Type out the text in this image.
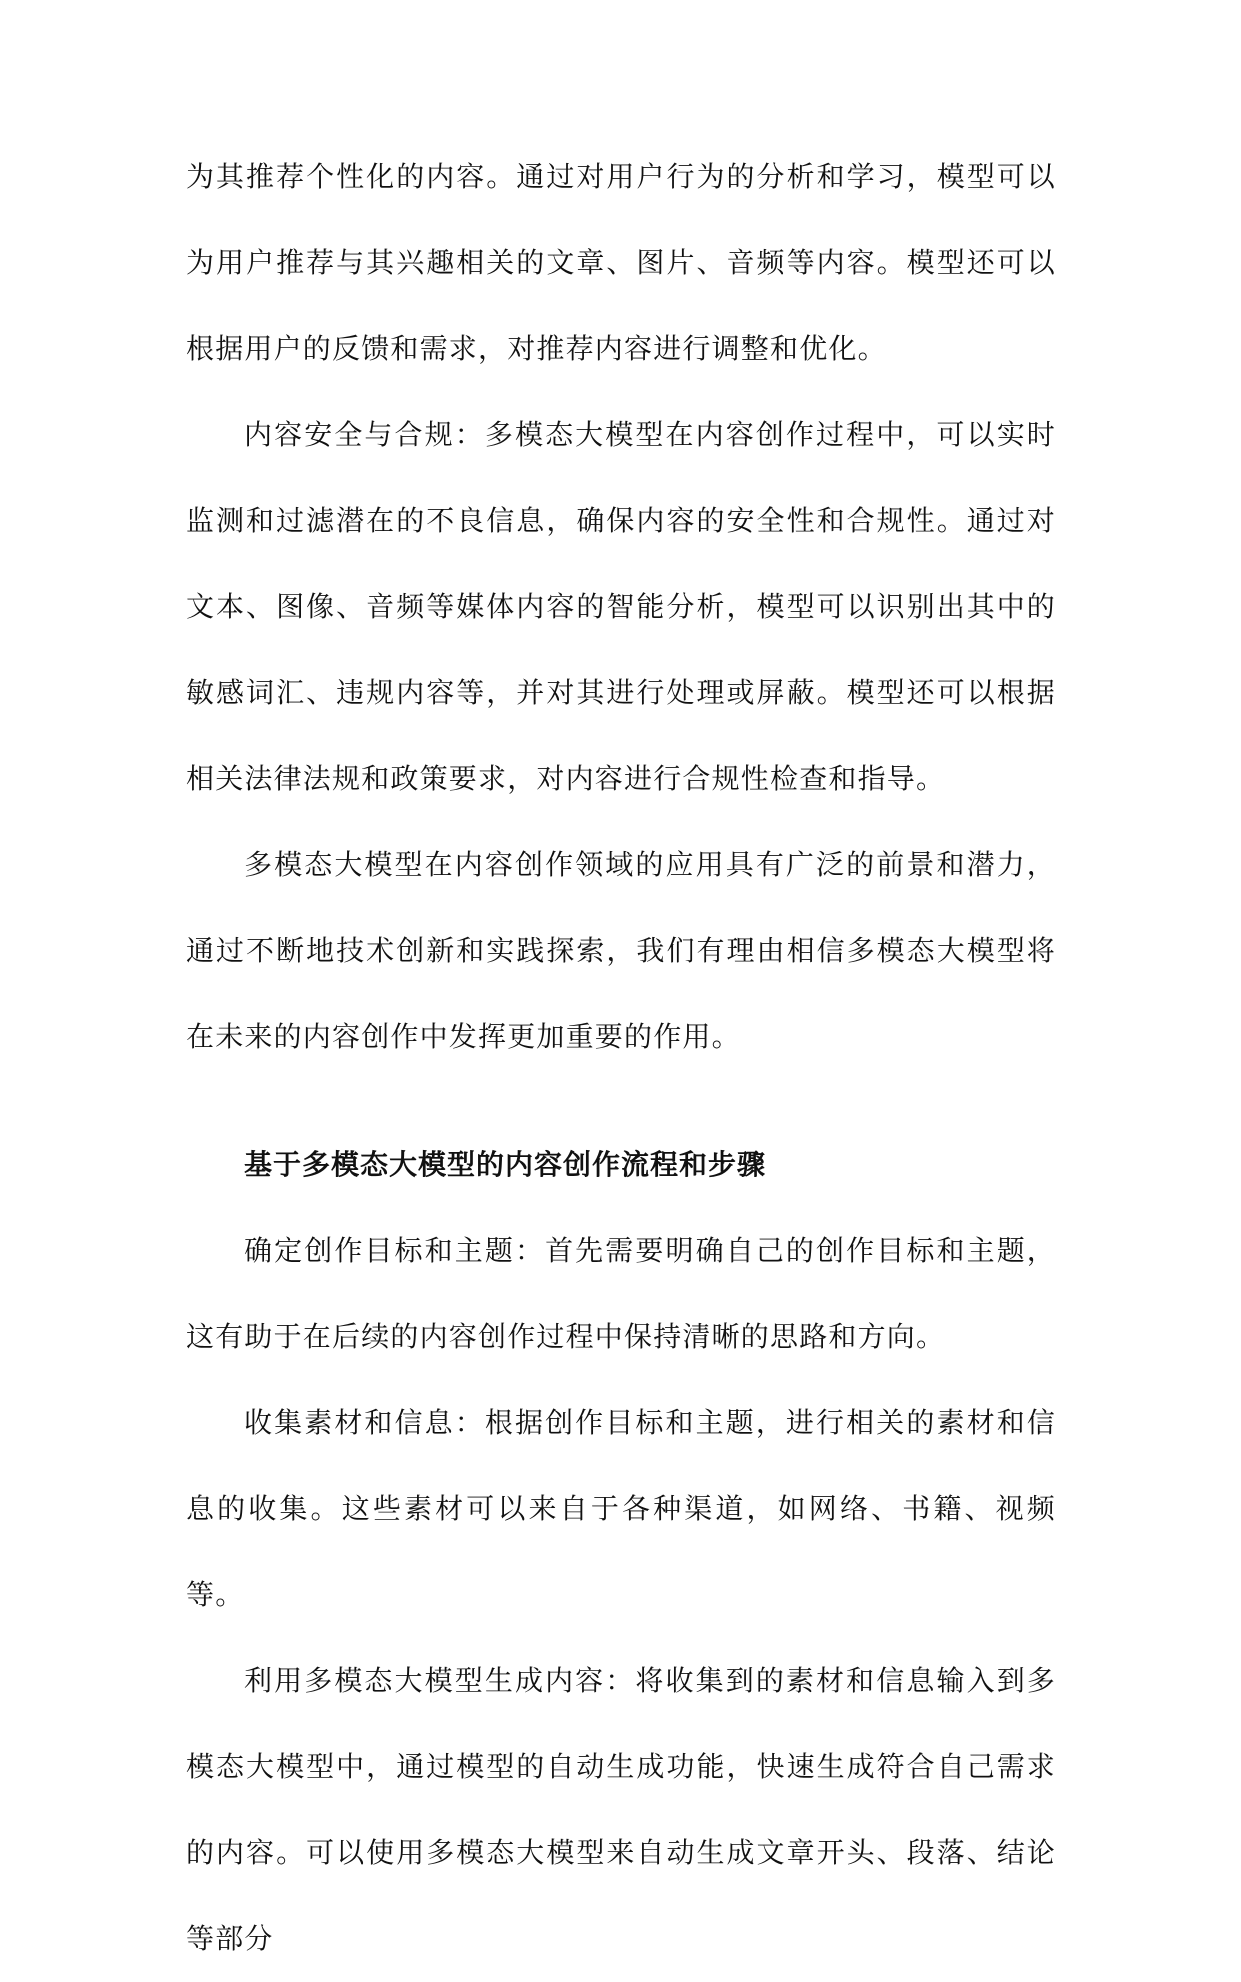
为其推荐个性化的内容。通过对用户行为的分析和学习，模型可以为用户推荐与其兴趣相关的文章、图片、音频等内容。模型还可以根据用户的反馈和需求，对推荐内容进行调整和优化。

内容安全与合规：多模态大模型在内容创作过程中，可以实时监测和过滤潜在的不良信息，确保内容的安全性和合规性。通过对文本、图像、音频等媒体内容的智能分析，模型可以识别出其中的敏感词汇、违规内容等，并对其进行处理或屏蔽。模型还可以根据相关法律法规和政策要求，对内容进行合规性检查和指导。

多模态大模型在内容创作领域的应用具有广泛的前景和潜力，通过不断地技术创新和实践探索，我们有理由相信多模态大模型将在未来的内容创作中发挥更加重要的作用。

基于多模态大模型的内容创作流程和步骤

确定创作目标和主题：首先需要明确自己的创作目标和主题，这有助于在后续的内容创作过程中保持清晰的思路和方向。

收集素材和信息：根据创作目标和主题，进行相关的素材和信息的收集。这些素材可以来自于各种渠道，如网络、书籍、视频等。

利用多模态大模型生成内容：将收集到的素材和信息输入到多模态大模型中，通过模型的自动生成功能，快速生成符合自己需求的内容。可以使用多模态大模型来自动生成文章开头、段落、结论等部分
